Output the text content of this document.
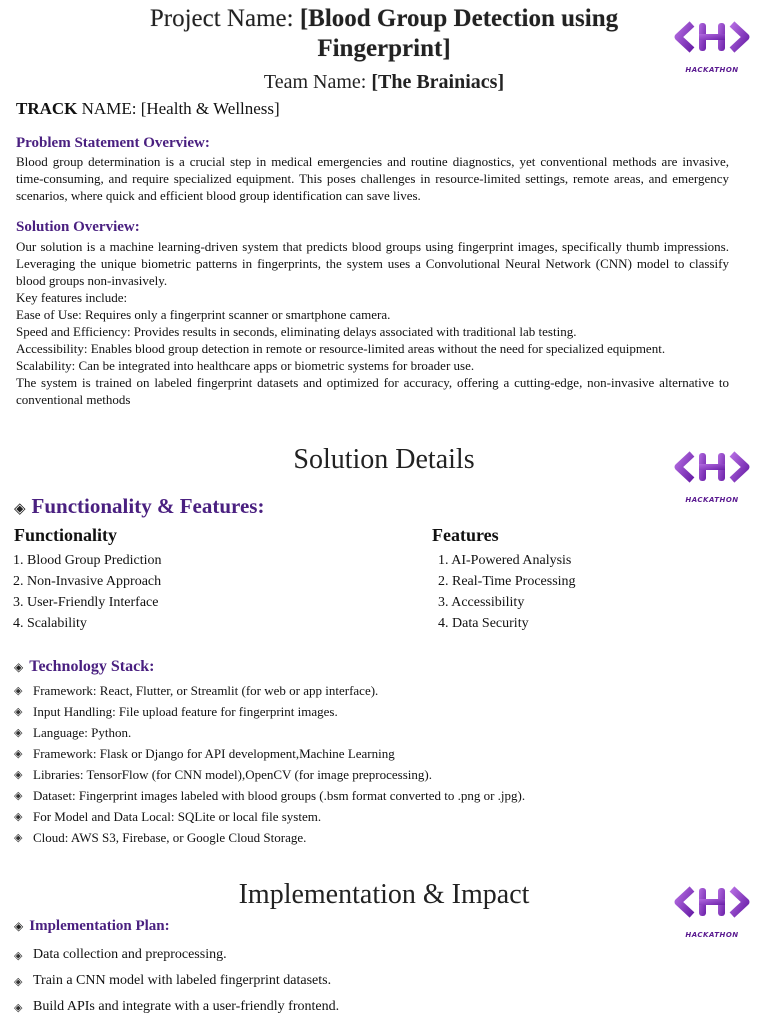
Project Name: [Blood Group Detection using
Fingerprint]
Team Name: [The Brainiacs]
TRACK NAME: [Health & Wellness]
HACKATHON
Problem Statement Overview:
Blood group determination is a crucial step in medical emergencies and routine diagnostics, yet conventional methods are invasive, time-consuming, and require specialized equipment. This poses challenges in resource-limited settings, remote areas, and emergency scenarios, where quick and efficient blood group identification can save lives.
Solution Overview:

Our solution is a machine learning-driven system that predicts blood groups using fingerprint images, specifically thumb impressions. Leveraging the unique biometric patterns in fingerprints, the system uses a Convolutional Neural Network (CNN) model to classify blood groups non-invasively.

Key features include:

Ease of Use: Requires only a fingerprint scanner or smartphone camera.

Speed and Efficiency: Provides results in seconds, eliminating delays associated with traditional lab testing.

Accessibility: Enables blood group detection in remote or resource-limited areas without the need for specialized equipment.

Scalability: Can be integrated into healthcare apps or biometric systems for broader use.

The system is trained on labeled fingerprint datasets and optimized for accuracy, offering a cutting-edge, non-invasive alternative to conventional methods

Solution Details
HACKATHON
◈ Functionality & Features:
Functionality
1. Blood Group Prediction
2. Non-Invasive Approach
3. User-Friendly Interface
4. Scalability
Features
1. AI-Powered Analysis
2. Real-Time Processing
3. Accessibility
4. Data Security
◈ Technology Stack:
◈ Framework: React, Flutter, or Streamlit (for web or app interface).
◈ Input Handling: File upload feature for fingerprint images.
◈ Language: Python.
◈ Framework: Flask or Django for API development,Machine Learning
◈ Libraries: TensorFlow (for CNN model),OpenCV (for image preprocessing).
◈ Dataset: Fingerprint images labeled with blood groups (.bsm format converted to .png or .jpg).
◈ For Model and Data Local: SQLite or local file system.
◈ Cloud: AWS S3, Firebase, or Google Cloud Storage.
Implementation & Impact
HACKATHON
◈ Implementation Plan:
◈ Data collection and preprocessing.
◈ Train a CNN model with labeled fingerprint datasets.
◈ Build APIs and integrate with a user-friendly frontend.
